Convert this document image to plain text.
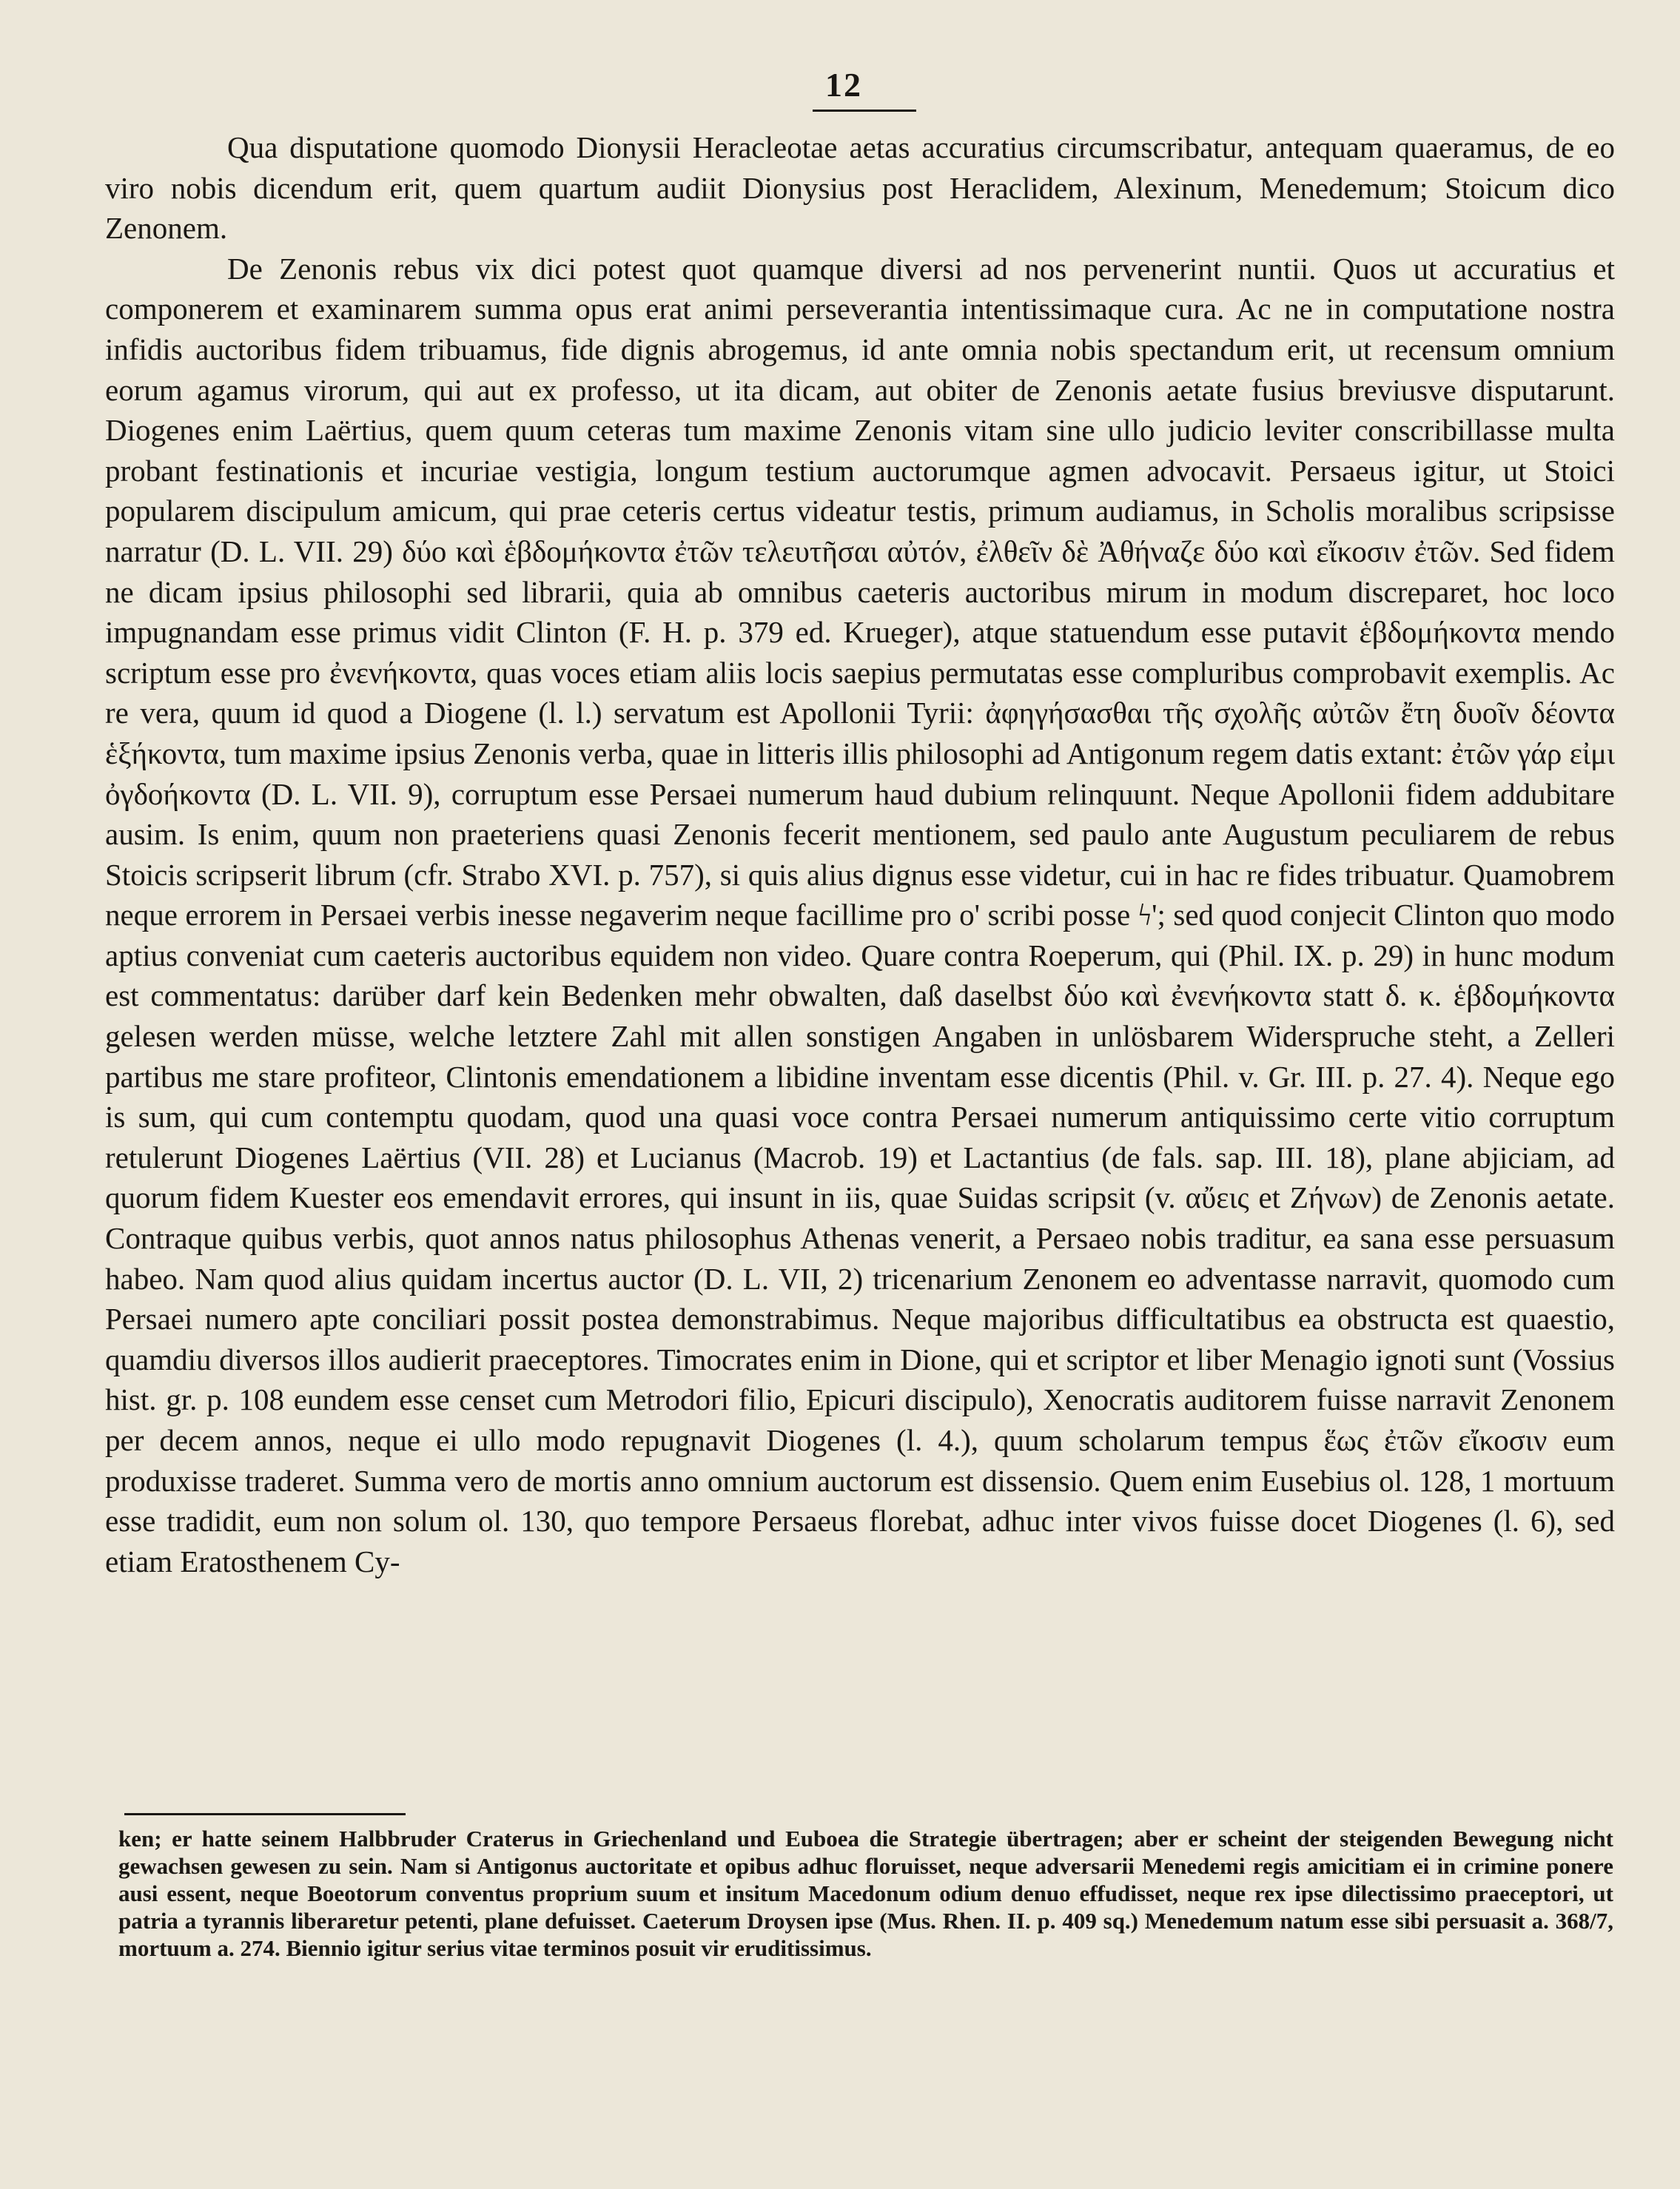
12

Qua disputatione quomodo Dionysii Heracleotae aetas accuratius circumscribatur, antequam quaeramus, de eo viro nobis dicendum erit, quem quartum audiit Dionysius post Heraclidem, Alexinum, Menedemum; Stoicum dico Zenonem.

De Zenonis rebus vix dici potest quot quamque diversi ad nos pervenerint nuntii. Quos ut accuratius et componerem et examinarem summa opus erat animi perseverantia intentissimaque cura. Ac ne in computatione nostra infidis auctoribus fidem tribuamus, fide dignis abrogemus, id ante omnia nobis spectandum erit, ut recensum omnium eorum agamus virorum, qui aut ex professo, ut ita dicam, aut obiter de Zenonis aetate fusius breviusve disputarunt. Diogenes enim Laërtius, quem quum ceteras tum maxime Zenonis vitam sine ullo judicio leviter conscribillasse multa probant festinationis et incuriae vestigia, longum testium auctorumque agmen advocavit. Persaeus igitur, ut Stoici popularem discipulum amicum, qui prae ceteris certus videatur testis, primum audiamus, in Scholis moralibus scripsisse narratur (D. L. VII. 29) δύο καὶ ἑβδομήκοντα ἐτῶν τελευτῆσαι αὐτόν, ἐλθεῖν δὲ Ἀθήναζε δύο καὶ εἴκοσιν ἐτῶν. Sed fidem ne dicam ipsius philosophi sed librarii, quia ab omnibus caeteris auctoribus mirum in modum discreparet, hoc loco impugnandam esse primus vidit Clinton (F. H. p. 379 ed. Krueger), atque statuendum esse putavit ἑβδομήκοντα mendo scriptum esse pro ἐνενήκοντα, quas voces etiam aliis locis saepius permutatas esse compluribus comprobavit exemplis. Ac re vera, quum id quod a Diogene (l. l.) servatum est Apollonii Tyrii: ἀφηγήσασθαι τῆς σχολῆς αὐτῶν ἔτη δυοῖν δέοντα ἑξήκοντα, tum maxime ipsius Zenonis verba, quae in litteris illis philosophi ad Antigonum regem datis extant: ἐτῶν γάρ εἰμι ὀγδοήκοντα (D. L. VII. 9), corruptum esse Persaei numerum haud dubium relinquunt. Neque Apollonii fidem addubitare ausim. Is enim, quum non praeteriens quasi Zenonis fecerit mentionem, sed paulo ante Augustum peculiarem de rebus Stoicis scripserit librum (cfr. Strabo XVI. p. 757), si quis alius dignus esse videtur, cui in hac re fides tribuatur. Quamobrem neque errorem in Persaei verbis inesse negaverim neque facillime pro ο' scribi posse ϟ'; sed quod conjecit Clinton quo modo aptius conveniat cum caeteris auctoribus equidem non video. Quare contra Roeperum, qui (Phil. IX. p. 29) in hunc modum est commentatus: darüber darf kein Bedenken mehr obwalten, daß daselbst δύο καὶ ἐνενήκοντα statt δ. κ. ἑβδομήκοντα gelesen werden müsse, welche letztere Zahl mit allen sonstigen Angaben in unlösbarem Widerspruche steht, a Zelleri partibus me stare profiteor, Clintonis emendationem a libidine inventam esse dicentis (Phil. v. Gr. III. p. 27. 4). Neque ego is sum, qui cum contemptu quodam, quod una quasi voce contra Persaei numerum antiquissimo certe vitio corruptum retulerunt Diogenes Laërtius (VII. 28) et Lucianus (Macrob. 19) et Lactantius (de fals. sap. III. 18), plane abjiciam, ad quorum fidem Kuester eos emendavit errores, qui insunt in iis, quae Suidas scripsit (v. αὔεις et Ζήνων) de Zenonis aetate. Contraque quibus verbis, quot annos natus philosophus Athenas venerit, a Persaeo nobis traditur, ea sana esse persuasum habeo. Nam quod alius quidam incertus auctor (D. L. VII, 2) tricenarium Zenonem eo adventasse narravit, quomodo cum Persaei numero apte conciliari possit postea demonstrabimus. Neque majoribus difficultatibus ea obstructa est quaestio, quamdiu diversos illos audierit praeceptores. Timocrates enim in Dione, qui et scriptor et liber Menagio ignoti sunt (Vossius hist. gr. p. 108 eundem esse censet cum Metrodori filio, Epicuri discipulo), Xenocratis auditorem fuisse narravit Zenonem per decem annos, neque ei ullo modo repugnavit Diogenes (l. 4.), quum scholarum tempus ἕως ἐτῶν εἴκοσιν eum produxisse traderet. Summa vero de mortis anno omnium auctorum est dissensio. Quem enim Eusebius ol. 128, 1 mortuum esse tradidit, eum non solum ol. 130, quo tempore Persaeus florebat, adhuc inter vivos fuisse docet Diogenes (l. 6), sed etiam Eratosthenem Cy-

ken; er hatte seinem Halbbruder Craterus in Griechenland und Euboea die Strategie übertragen; aber er scheint der steigenden Bewegung nicht gewachsen gewesen zu sein. Nam si Antigonus auctoritate et opibus adhuc floruisset, neque adversarii Menedemi regis amicitiam ei in crimine ponere ausi essent, neque Boeotorum conventus proprium suum et insitum Macedonum odium denuo effudisset, neque rex ipse dilectissimo praeceptori, ut patria a tyrannis liberaretur petenti, plane defuisset. Caeterum Droysen ipse (Mus. Rhen. II. p. 409 sq.) Menedemum natum esse sibi persuasit a. 368/7, mortuum a. 274. Biennio igitur serius vitae terminos posuit vir eruditissimus.
